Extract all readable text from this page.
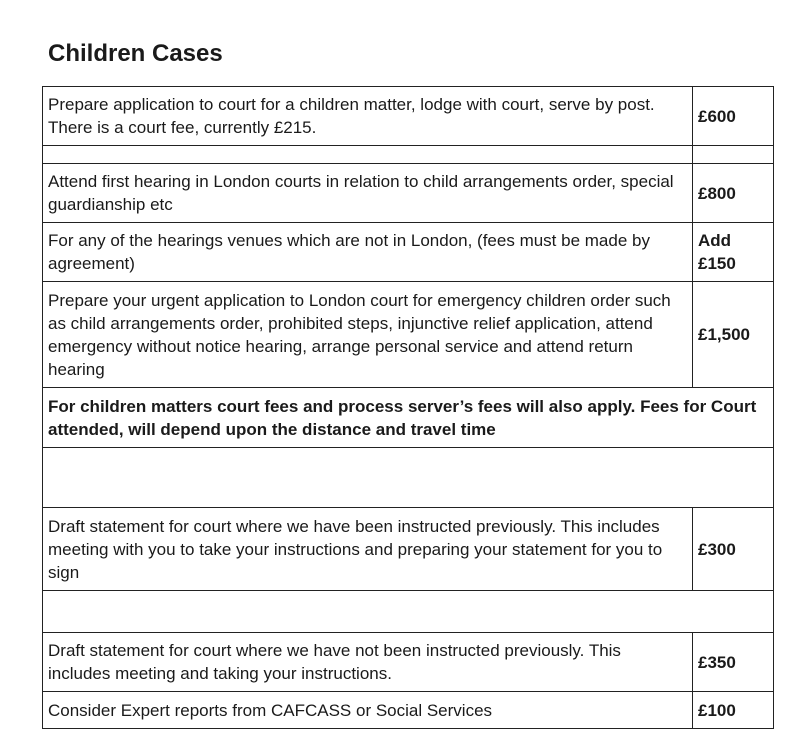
Children Cases
Prepare application to court for a children matter, lodge with court, serve by post. There is a court fee, currently £215.	£600

Attend first hearing in London courts in relation to child arrangements order, special guardianship etc	£800
For any of the hearings venues which are not in London, (fees must be made by agreement)	Add £150
Prepare your urgent application to London court for emergency children order such as child arrangements order, prohibited steps, injunctive relief application, attend emergency without notice hearing, arrange personal service and attend return hearing	£1,500
For children matters court fees and process server’s fees will also apply. Fees for Court attended, will depend upon the distance and travel time	

Draft statement for court where we have been instructed previously. This includes meeting with you to take your instructions and preparing your statement for you to sign	£300

Draft statement for court where we have not been instructed previously. This includes meeting and taking your instructions.	£350
Consider Expert reports from CAFCASS or Social Services	£100
